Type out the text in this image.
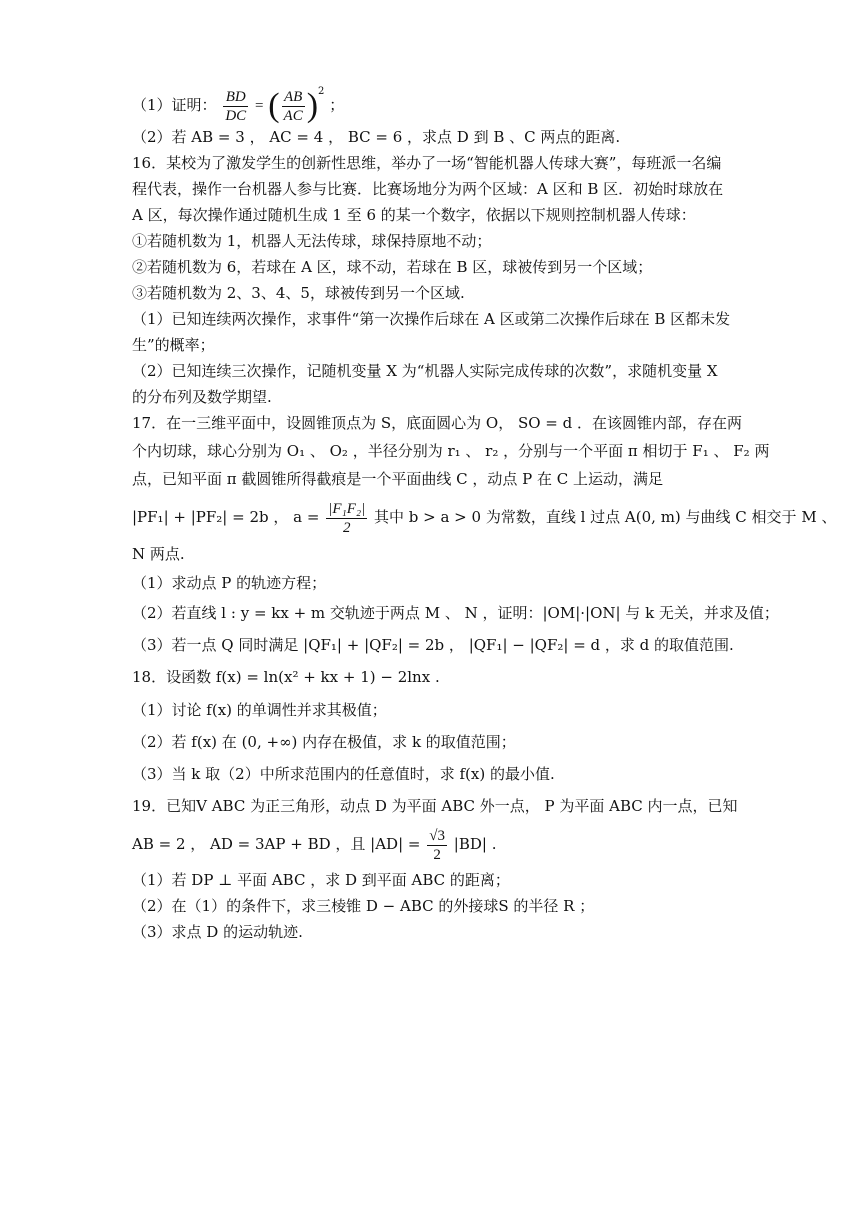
（1）证明： $\frac{BD}{DC}$ = ( $\frac{AB}{AC} )^2$ ；
（2）若 AB = 3 ， AC = 4 ， BC = 6 ，求点 D 到 B 、C 两点的距离.
16．某校为了激发学生的创新性思维，举办了一场“智能机器人传球大赛”，每班派一名编
程代表，操作一台机器人参与比赛．比赛场地分为两个区域：A 区和 B 区．初始时球放在
A 区，每次操作通过随机生成 1 至 6 的某一个数字，依据以下规则控制机器人传球：
①若随机数为 1，机器人无法传球，球保持原地不动；
②若随机数为 6，若球在 A 区，球不动，若球在 B 区，球被传到另一个区域；
③若随机数为 2、3、4、5，球被传到另一个区域.
（1）已知连续两次操作，求事件“第一次操作后球在 A 区或第二次操作后球在 B 区都未发
生”的概率；
（2）已知连续三次操作，记随机变量 X 为“机器人实际完成传球的次数”，求随机变量 X
的分布列及数学期望.
17．在一三维平面中，设圆锥顶点为 S，底面圆心为 O， SO = d ．在该圆锥内部，存在两
个内切球，球心分别为 O₁ 、 O₂ ，半径分别为 r₁ 、 r₂ ，分别与一个平面 π 相切于 F₁ 、 F₂ 两
点，已知平面 π 截圆锥所得截痕是一个平面曲线 C ，动点 P 在 C 上运动，满足
|PF₁| + |PF₂| = 2b ， $a = \frac{\text{|F₁F₂|}}{2}$ 其中 b > a > 0 为常数，直线 l 过点 A(0, m) 与曲线 C 相交于 M 、
N 两点.
（1）求动点 P 的轨迹方程；
（2）若直线 l : y = kx + m 交轨迹于两点 M 、 N ，证明：|OM|·|ON| 与 k 无关，并求及值；
（3）若一点 Q 同时满足 |QF₁| + |QF₂| = 2b ， |QF₁| − |QF₂| = d ，求 d 的取值范围.
18．设函数 f(x) = ln(x² + kx + 1) − 2lnx .
（1）讨论 f(x) 的单调性并求其极值；
（2）若 f(x) 在 (0, +∞) 内存在极值，求 k 的取值范围；
（3）当 k 取（2）中所求范围内的任意值时，求 f(x) 的最小值.
19．已知V ABC 为正三角形，动点 D 为平面 ABC 外一点， P 为平面 ABC 内一点，已知
AB = 2 ， AD = 3AP + BD ，且 $|AD| = \frac{√3}{2} |BD|$ .
（1）若 DP ⊥ 平面 ABC ，求 D 到平面 ABC 的距离；
（2）在（1）的条件下，求三棱锥 D − ABC 的外接球S 的半径 R ；
（3）求点 D 的运动轨迹.
